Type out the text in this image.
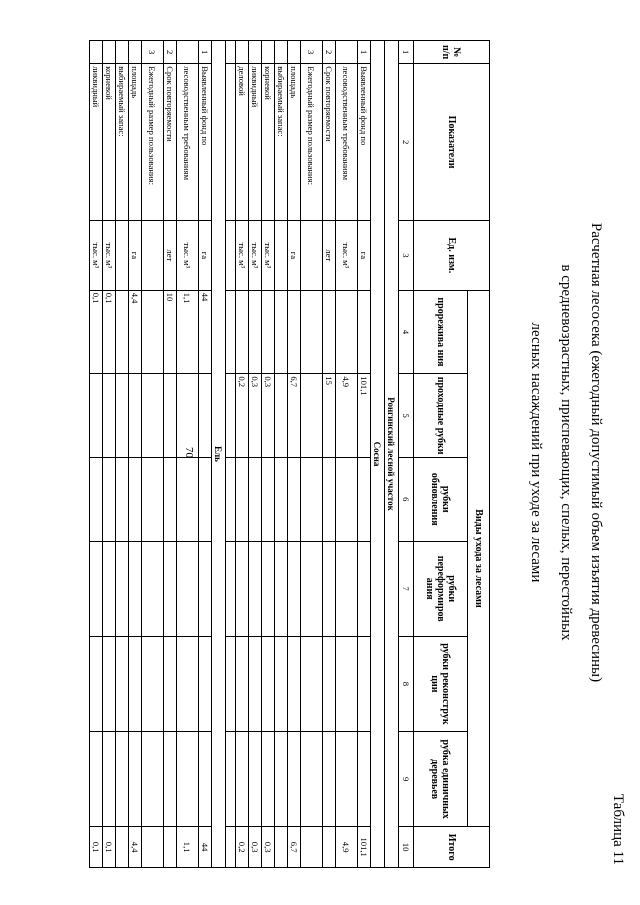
Таблица 11
Расчетная лесосека (ежегодный допустимый объем изъятия древесины)
в средневозрастных, приспевающих, спелых, перестойных
лесных насаждений при уходе за лесами
№ п/п	Показатели	Ед. изм.	Виды ухода за лесами						Итого
			прорежива ния	проходные рубки	рубки обновления	рубки переформиров ания	рубки реконструк ции	рубка единичных деревьев	
1	2	3	4	5	6	7	8	9	10
Ронгинский лесной участок									
Сосна									
1	Выявленный фонд по	га		101,1					101,1
	лесоводственным требованиям	тыс. м³		4,9					4,9
2	Срок повторяемости	лет		15					
3	Ежегодный размер пользования:								
	площадь	га		6,7					6,7
	выбираемый запас:								
	корневой	тыс. м³		0,3					0,3
	ликвидный	тыс. м³		0,3					0,3
	деловой	тыс. м³		0,2					0,2

Ель									
1	Выявленный фонд по	га	44						44
	лесоводственным требованиям	тыс. м³	1,1						1,1
2	Срок повторяемости	лет	10						
3	Ежегодный размер пользования:								
	площадь	га	4,4						4,4
	выбираемый запас:								
	корневой	тыс. м³	0,1						0,1
	ликвидный	тыс. м³	0,1						0,1
70
